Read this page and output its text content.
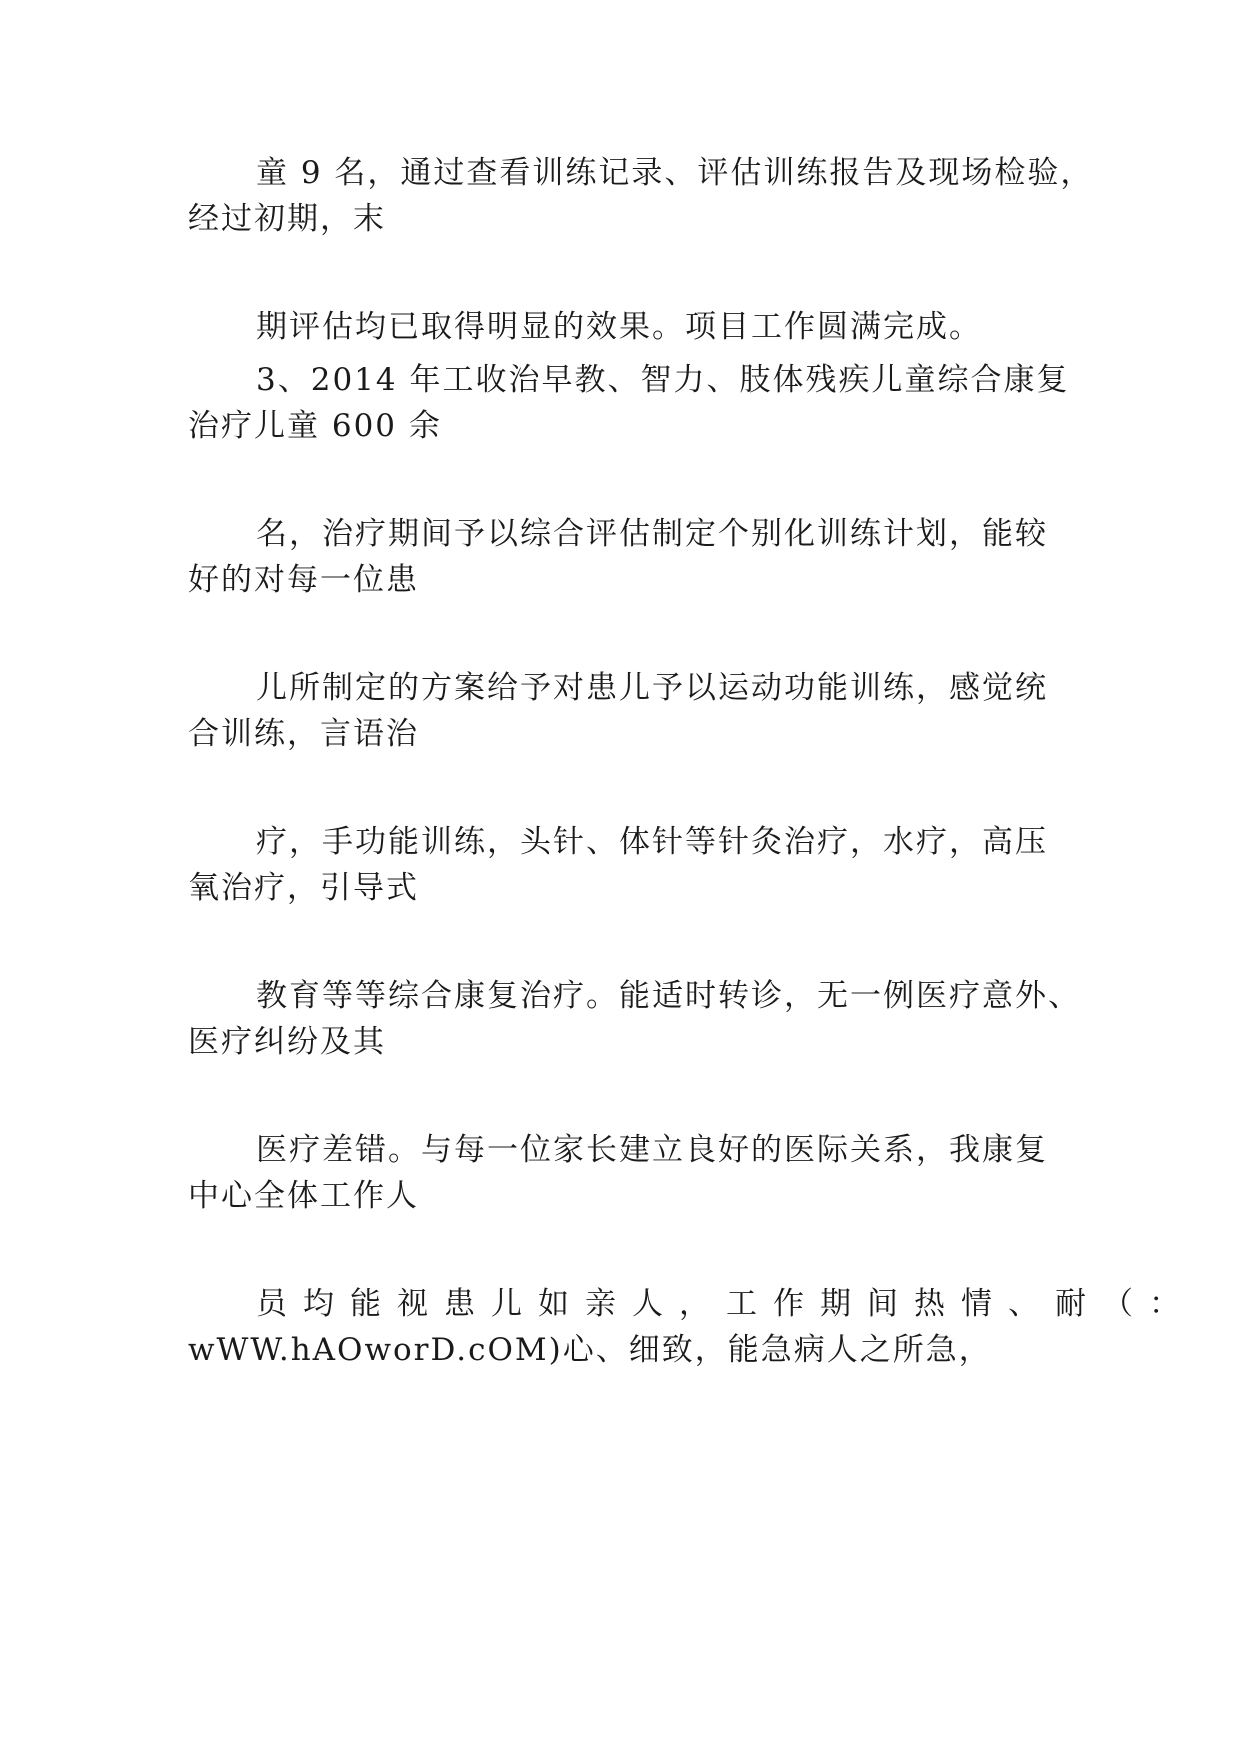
童 9 名，通过查看训练记录、评估训练报告及现场检验，

经过初期，末

期评估均已取得明显的效果。项目工作圆满完成。

3、2014 年工收治早教、智力、肢体残疾儿童综合康复

治疗儿童 600 余

名，治疗期间予以综合评估制定个别化训练计划，能较

好的对每一位患

儿所制定的方案给予对患儿予以运动功能训练，感觉统

合训练，言语治

疗，手功能训练，头针、体针等针灸治疗，水疗，高压

氧治疗，引导式

教育等等综合康复治疗。能适时转诊，无一例医疗意外、

医疗纠纷及其

医疗差错。与每一位家长建立良好的医际关系，我康复

中心全体工作人

员均能视患儿如亲人，工作期间热情、耐（：

wWW.hAOworD.cOM)心、细致，能急病人之所急，
